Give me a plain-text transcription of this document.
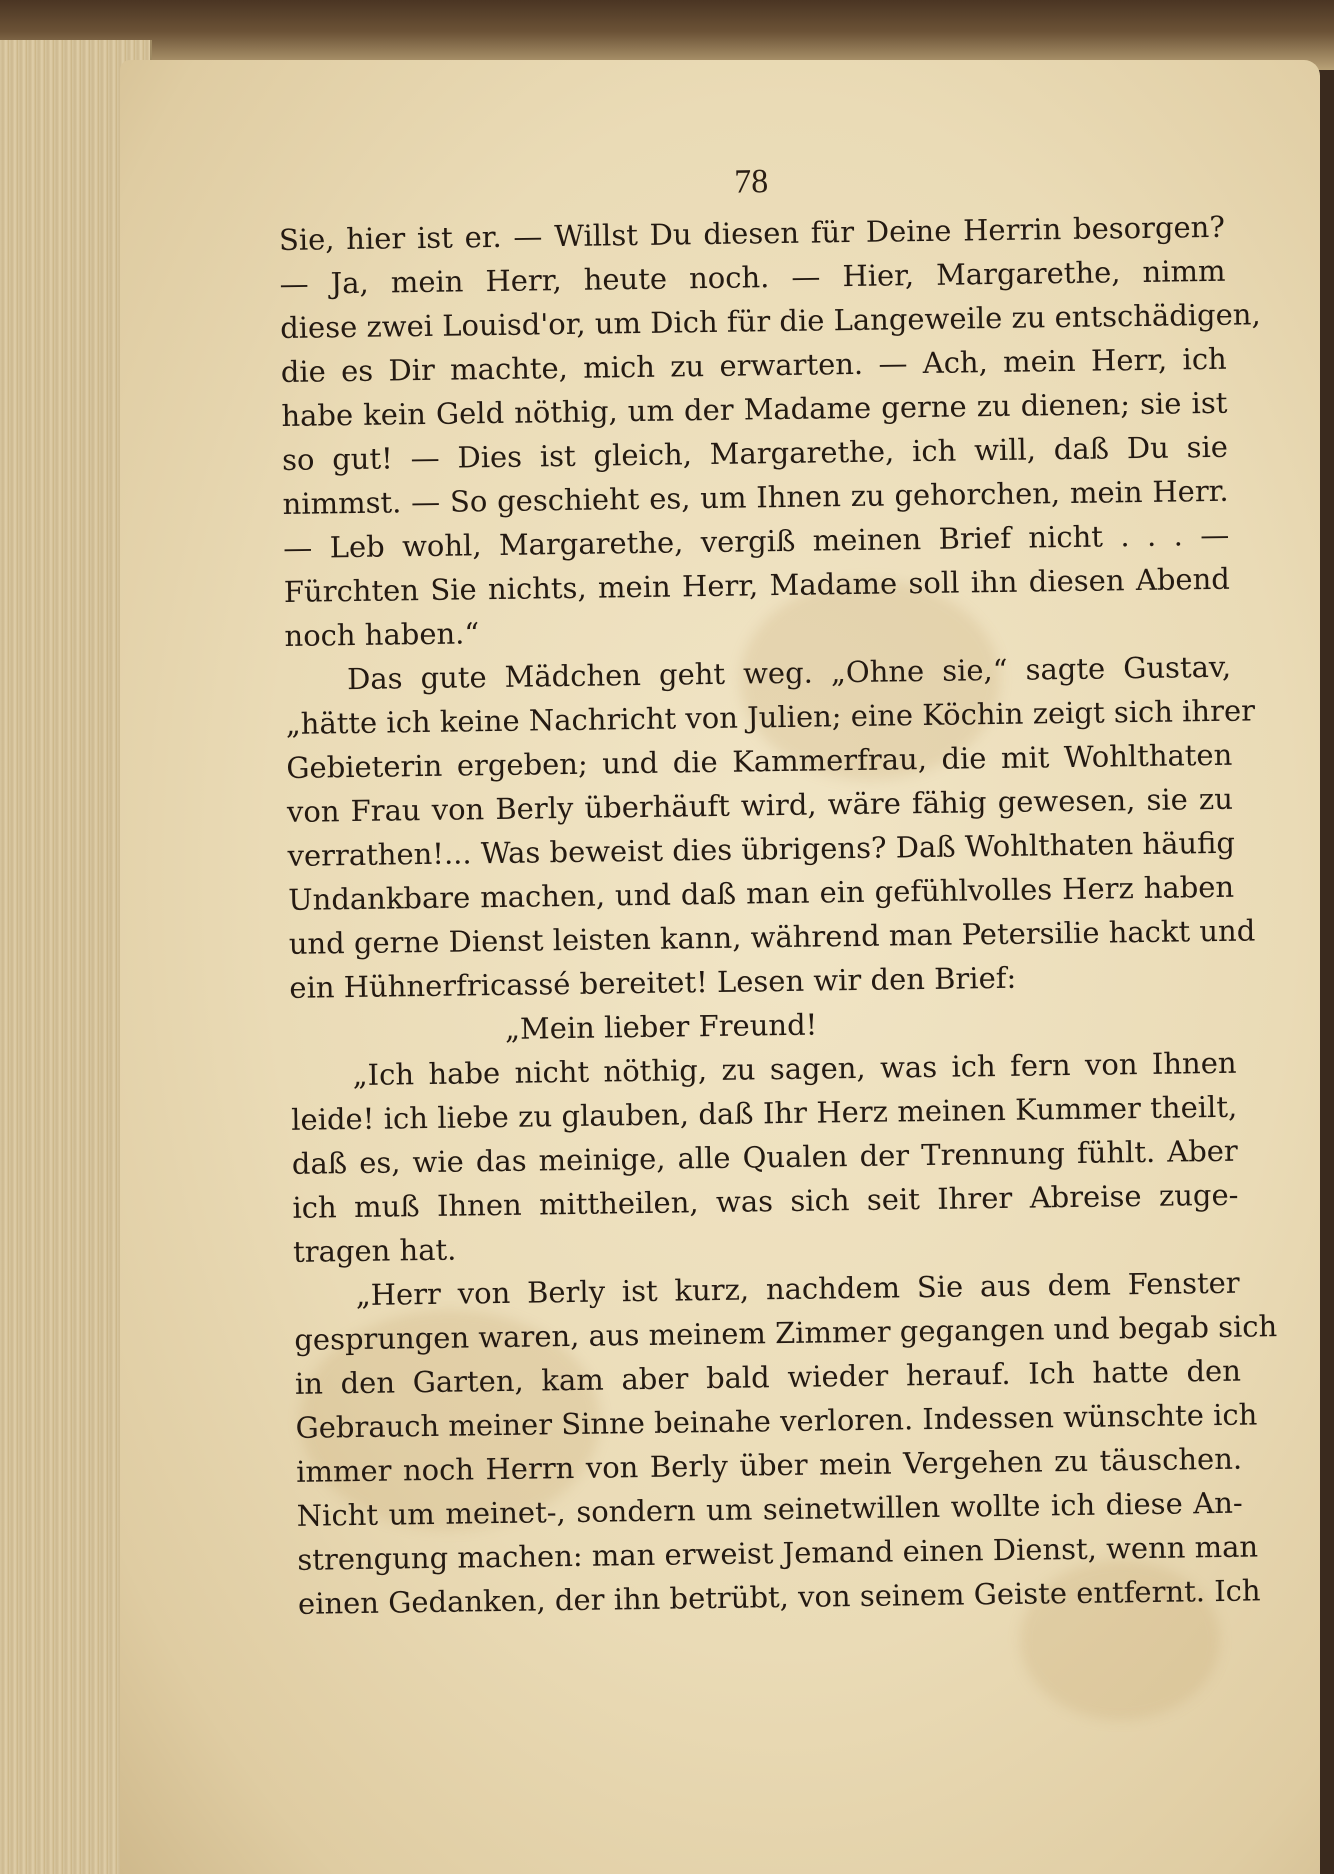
78
Sie, hier ist er. — Willst Du diesen für Deine Herrin besorgen?
— Ja, mein Herr, heute noch. — Hier, Margarethe, nimm
diese zwei Louisd'or, um Dich für die Langeweile zu entschädigen,
die es Dir machte, mich zu erwarten. — Ach, mein Herr, ich
habe kein Geld nöthig, um der Madame gerne zu dienen; sie ist
so gut! — Dies ist gleich, Margarethe, ich will, daß Du sie
nimmst. — So geschieht es, um Ihnen zu gehorchen, mein Herr.
— Leb wohl, Margarethe, vergiß meinen Brief nicht . . . —
Fürchten Sie nichts, mein Herr, Madame soll ihn diesen Abend
noch haben.“
Das gute Mädchen geht weg. „Ohne sie,“ sagte Gustav,
„hätte ich keine Nachricht von Julien; eine Köchin zeigt sich ihrer
Gebieterin ergeben; und die Kammerfrau, die mit Wohlthaten
von Frau von Berly überhäuft wird, wäre fähig gewesen, sie zu
verrathen!... Was beweist dies übrigens? Daß Wohlthaten häufig
Undankbare machen, und daß man ein gefühlvolles Herz haben
und gerne Dienst leisten kann, während man Petersilie hackt und
ein Hühnerfricassé bereitet! Lesen wir den Brief:
„Mein lieber Freund!
„Ich habe nicht nöthig, zu sagen, was ich fern von Ihnen
leide! ich liebe zu glauben, daß Ihr Herz meinen Kummer theilt,
daß es, wie das meinige, alle Qualen der Trennung fühlt. Aber
ich muß Ihnen mittheilen, was sich seit Ihrer Abreise zuge-
tragen hat.
„Herr von Berly ist kurz, nachdem Sie aus dem Fenster
gesprungen waren, aus meinem Zimmer gegangen und begab sich
in den Garten, kam aber bald wieder herauf. Ich hatte den
Gebrauch meiner Sinne beinahe verloren. Indessen wünschte ich
immer noch Herrn von Berly über mein Vergehen zu täuschen.
Nicht um meinet-, sondern um seinetwillen wollte ich diese An-
strengung machen: man erweist Jemand einen Dienst, wenn man
einen Gedanken, der ihn betrübt, von seinem Geiste entfernt. Ich
